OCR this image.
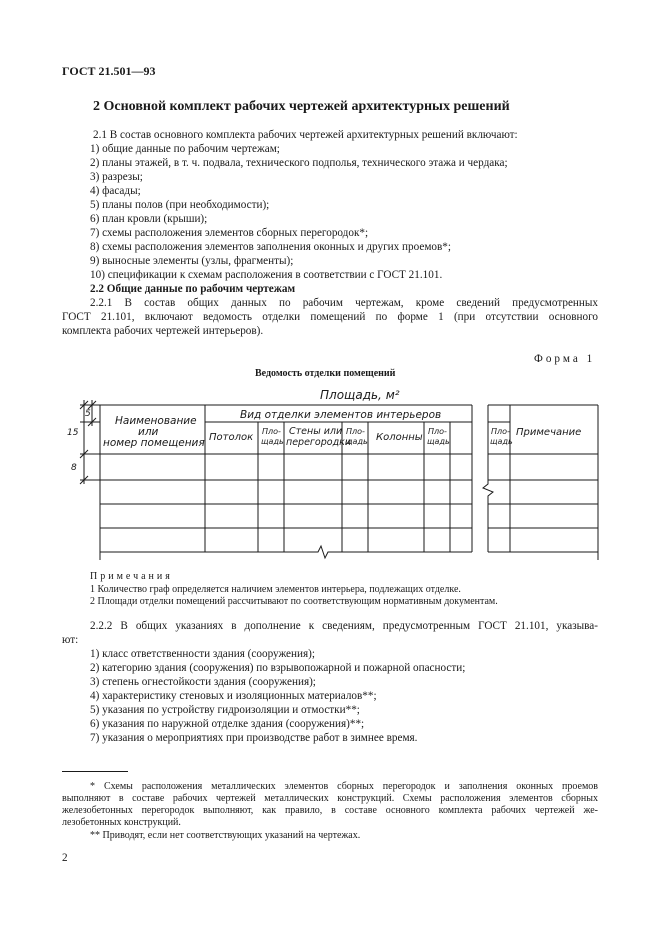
ГОСТ 21.501—93
2 Основной комплект рабочих чертежей архитектурных решений
2.1 В состав основного комплекта рабочих чертежей архитектурных решений включают:
1) общие данные по рабочим чертежам;
2) планы этажей, в т. ч. подвала, технического подполья, технического этажа и чердака;
3) разрезы;
4) фасады;
5) планы полов (при необходимости);
6) план кровли (крыши);
7) схемы расположения элементов сборных перегородок*;
8) схемы расположения элементов заполнения оконных и других проемов*;
9) выносные элементы (узлы, фрагменты);
10) спецификации к схемам расположения в соответствии с ГОСТ 21.101.
2.2 Общие данные по рабочим чертежам
2.2.1 В состав общих данных по рабочим чертежам, кроме сведений предусмотренных
ГОСТ 21.101, включают ведомость отделки помещений по форме 1 (при отсутствии основного
комплекта рабочих чертежей интерьеров).
Форма 1
Ведомость отделки помещений
Площадь, м²
Вид отделки элементов интерьеров
Наименование
или
номер помещения Потолок
Пло-
щадь
Стены или
перегородки
Пло-
щадь Колонны
Пло-
щадь
Пло-
щадь
Примечание
5
15
8
Примечания
1 Количество граф определяется наличием элементов интерьера, подлежащих отделке.
2 Площади отделки помещений рассчитывают по соответствующим нормативным документам.
2.2.2 В общих указаниях в дополнение к сведениям, предусмотренным ГОСТ 21.101, указыва-
ют:
1) класс ответственности здания (сооружения);
2) категорию здания (сооружения) по взрывопожарной и пожарной опасности;
3) степень огнестойкости здания (сооружения);
4) характеристику стеновых и изоляционных материалов**;
5) указания по устройству гидроизоляции и отмостки**;
6) указания по наружной отделке здания (сооружения)**;
7) указания о мероприятиях при производстве работ в зимнее время.
* Схемы расположения металлических элементов сборных перегородок и заполнения оконных проемов
выполняют в составе рабочих чертежей металлических конструкций. Схемы расположения элементов сборных
железобетонных перегородок выполняют, как правило, в составе основного комплекта рабочих чертежей же-
лезобетонных конструкций.
** Приводят, если нет соответствующих указаний на чертежах.
2
